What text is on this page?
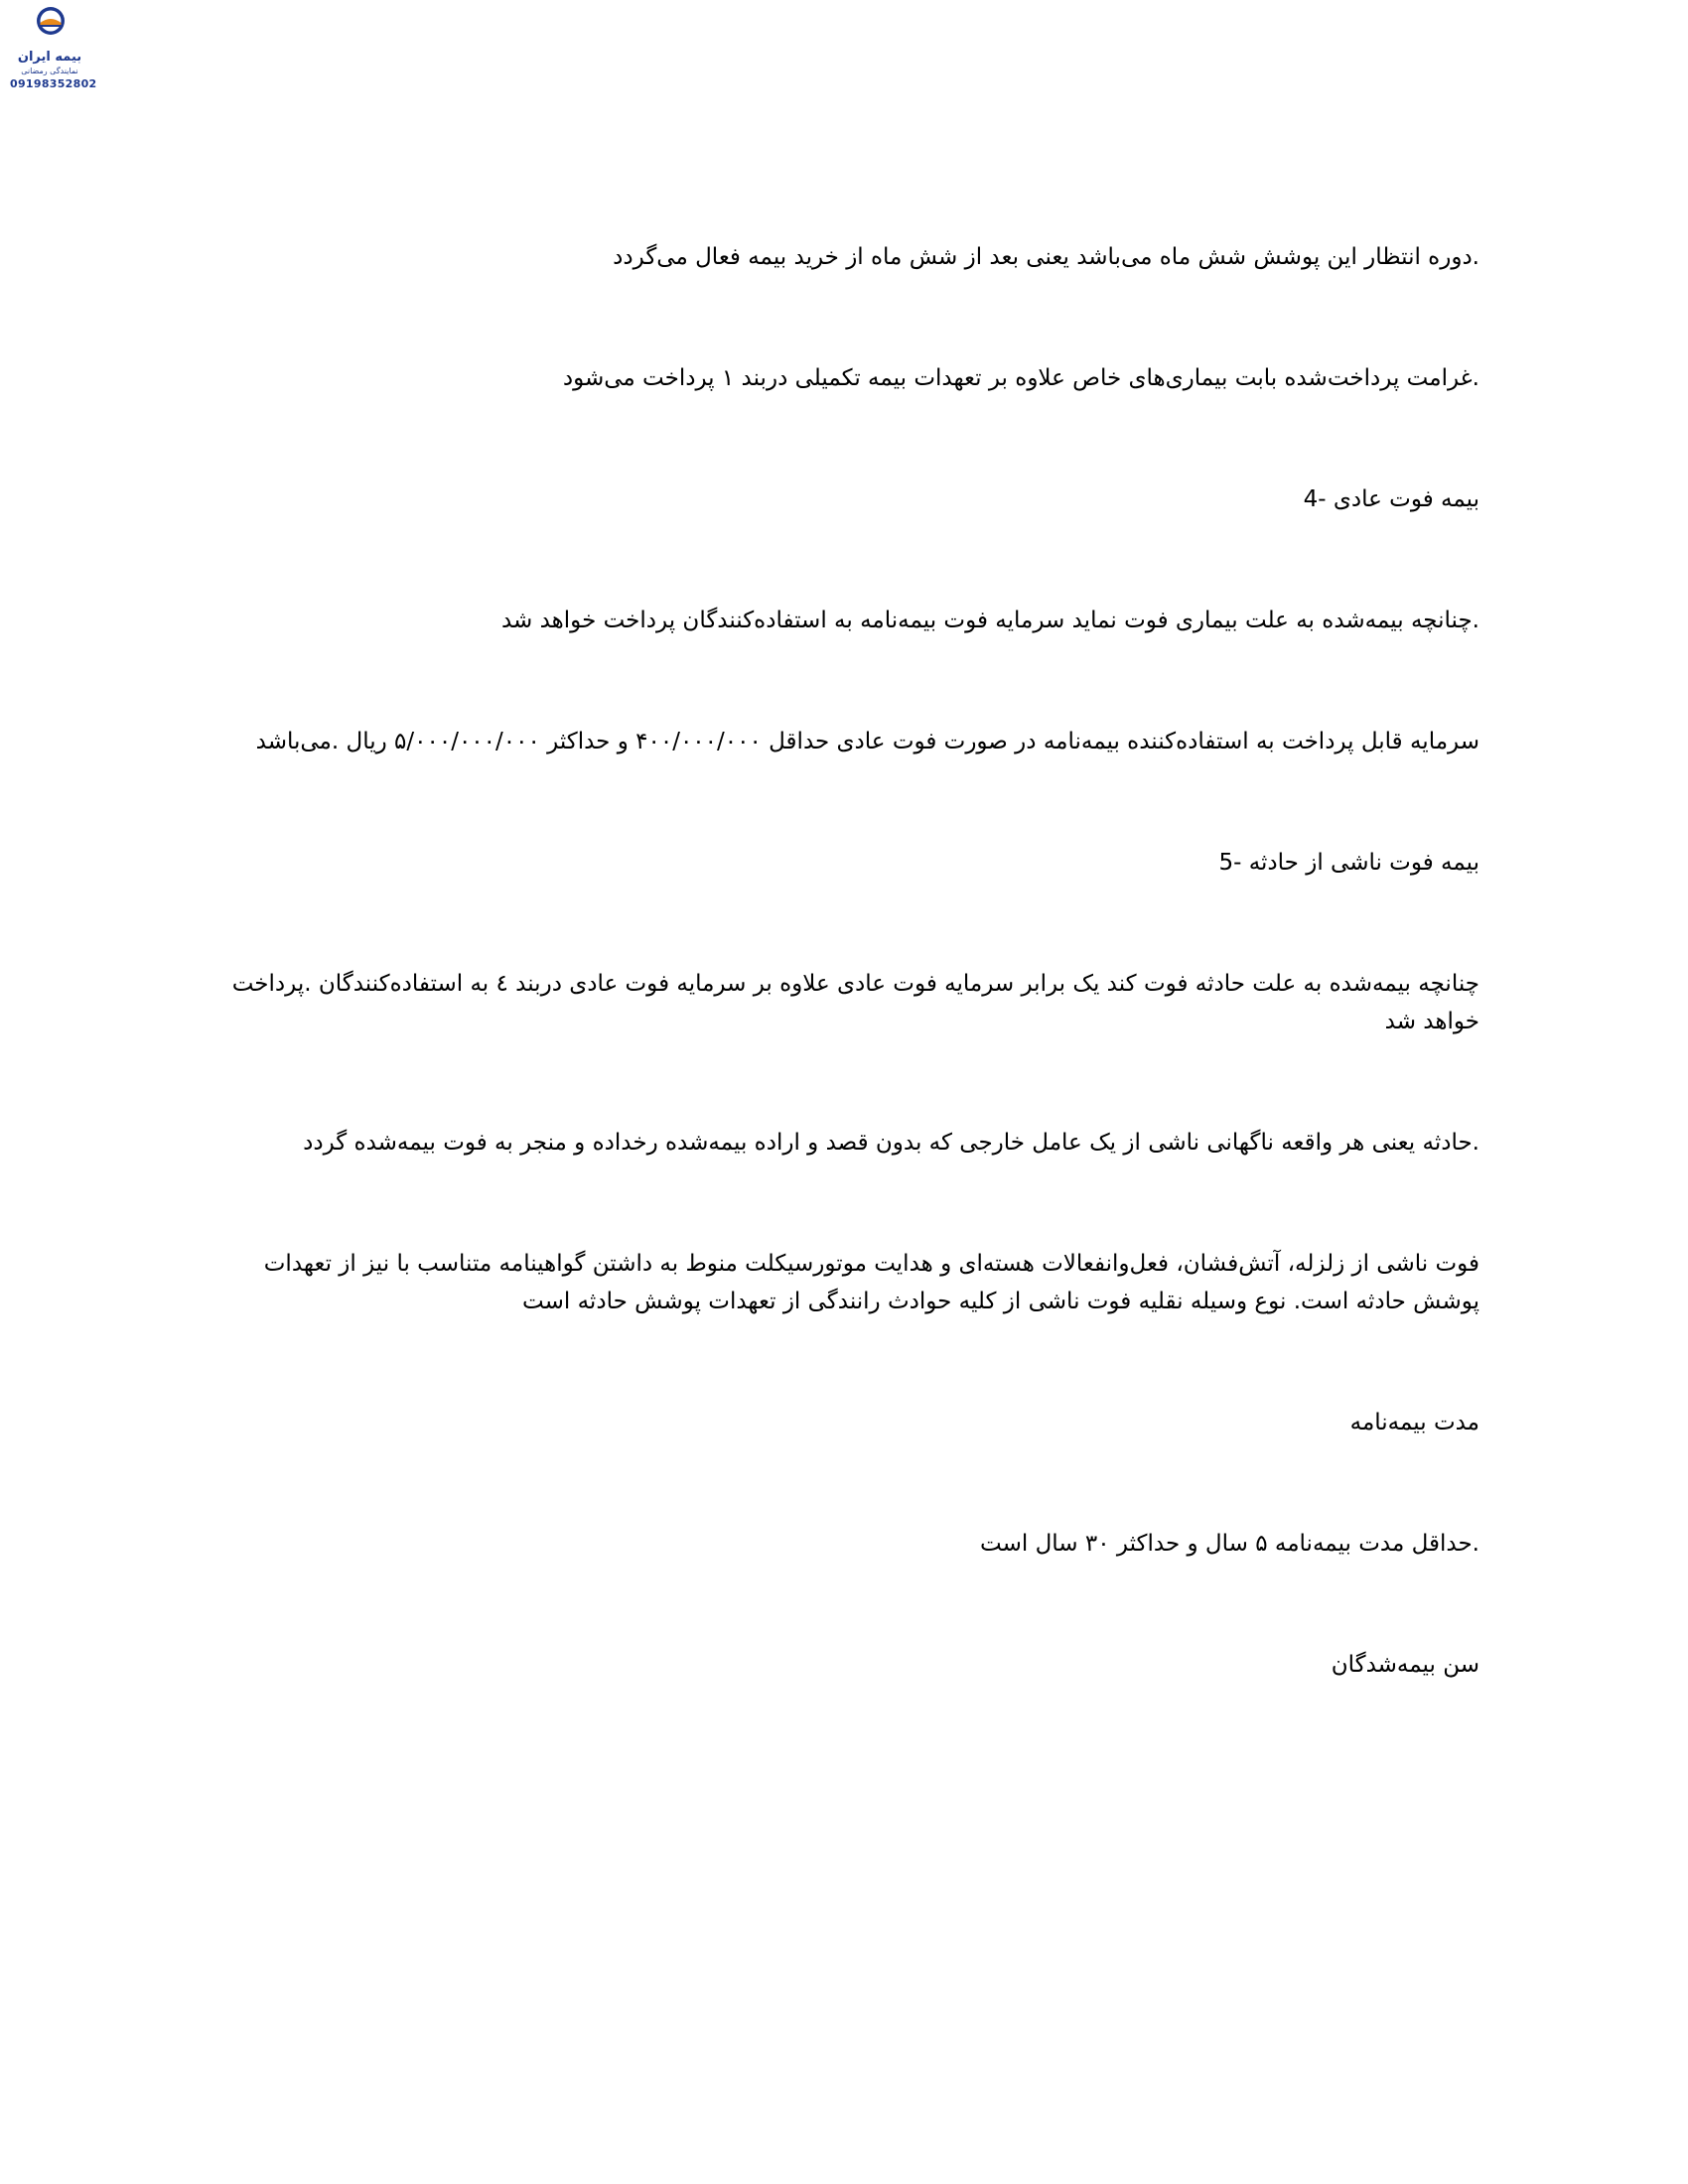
بیمه ایران
نمایندگی رمضانی
09198352802

.دوره انتظار این پوشش شش ماه می‌باشد یعنی بعد از شش ماه از خرید بیمه فعال می‌گردد

.غرامت پرداخت‌شده بابت بیماری‌های خاص علاوه بر تعهدات بیمه تکمیلی دربند ۱ پرداخت می‌شود

بیمه فوت عادی -4

.چنانچه بیمه‌شده به علت بیماری فوت نماید سرمایه فوت بیمه‌نامه به استفاده‌کنندگان پرداخت خواهد شد

سرمایه قابل پرداخت به استفاده‌کننده بیمه‌نامه در صورت فوت عادی حداقل ۴۰۰/۰۰۰/۰۰۰ و حداکثر ۵/۰۰۰/۰۰۰/۰۰۰ ریال .می‌باشد

بیمه فوت ناشی از حادثه -5

چنانچه بیمه‌شده به علت حادثه فوت کند یک برابر سرمایه فوت عادی علاوه بر سرمایه فوت عادی دربند ٤ به استفاده‌کنندگان .پرداخت خواهد شد

.حادثه یعنی هر واقعه ناگهانی ناشی از یک عامل خارجی که بدون قصد و اراده بیمه‌شده رخداده و منجر به فوت بیمه‌شده گردد

فوت ناشی از زلزله، آتش‌فشان، فعل‌وانفعالات هسته‌ای و هدایت موتورسیکلت منوط به داشتن گواهینامه متناسب با نیز از تعهدات پوشش حادثه است. نوع وسیله نقلیه فوت ناشی از کلیه حوادث رانندگی از تعهدات پوشش حادثه است

مدت بیمه‌نامه

.حداقل مدت بیمه‌نامه ۵ سال و حداکثر ۳۰ سال است

سن بیمه‌شدگان
